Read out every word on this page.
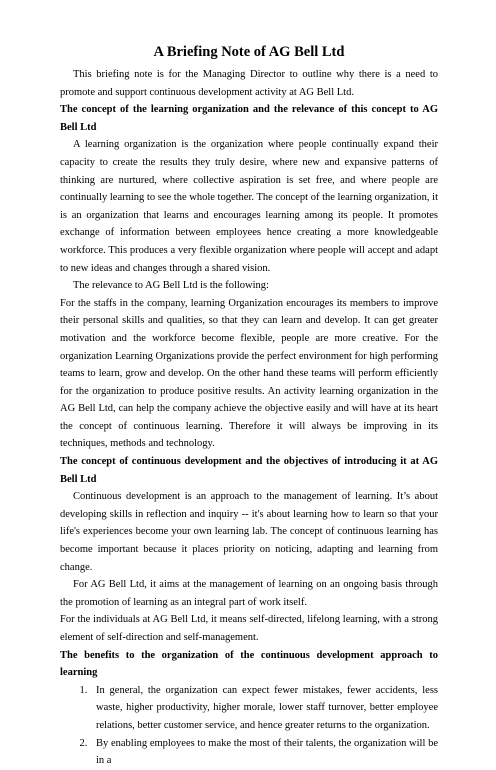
A Briefing Note of AG Bell Ltd

This briefing note is for the Managing Director to outline why there is a need to promote and support continuous development activity at AG Bell Ltd.

The concept of the learning organization and the relevance of this concept to AG Bell Ltd

A learning organization is the organization where people continually expand their capacity to create the results they truly desire, where new and expansive patterns of thinking are nurtured, where collective aspiration is set free, and where people are continually learning to see the whole together. The concept of the learning organization, it is an organization that learns and encourages learning among its people. It promotes exchange of information between employees hence creating a more knowledgeable workforce. This produces a very flexible organization where people will accept and adapt to new ideas and changes through a shared vision.

The relevance to AG Bell Ltd is the following:

For the staffs in the company, learning Organization encourages its members to improve their personal skills and qualities, so that they can learn and develop. It can get greater motivation and the workforce become flexible, people are more creative. For the organization Learning Organizations provide the perfect environment for high performing teams to learn, grow and develop. On the other hand these teams will perform efficiently for the organization to produce positive results. An activity learning organization in the AG Bell Ltd, can help the company achieve the objective easily and will have at its heart the concept of continuous learning. Therefore it will always be improving in its techniques, methods and technology.

The concept of continuous development and the objectives of introducing it at AG Bell Ltd

Continuous development is an approach to the management of learning. It’s about developing skills in reflection and inquiry -- it's about learning how to learn so that your life's experiences become your own learning lab. The concept of continuous learning has become important because it places priority on noticing, adapting and learning from change.

For AG Bell Ltd, it aims at the management of learning on an ongoing basis through the promotion of learning as an integral part of work itself.

For the individuals at AG Bell Ltd, it means self-directed, lifelong learning, with a strong element of self-direction and self-management.

The benefits to the organization of the continuous development approach to learning

1. In general, the organization can expect fewer mistakes, fewer accidents, less waste, higher productivity, higher morale, lower staff turnover, better employee relations, better customer service, and hence greater returns to the organization.
2. By enabling employees to make the most of their talents, the organization will be in a
